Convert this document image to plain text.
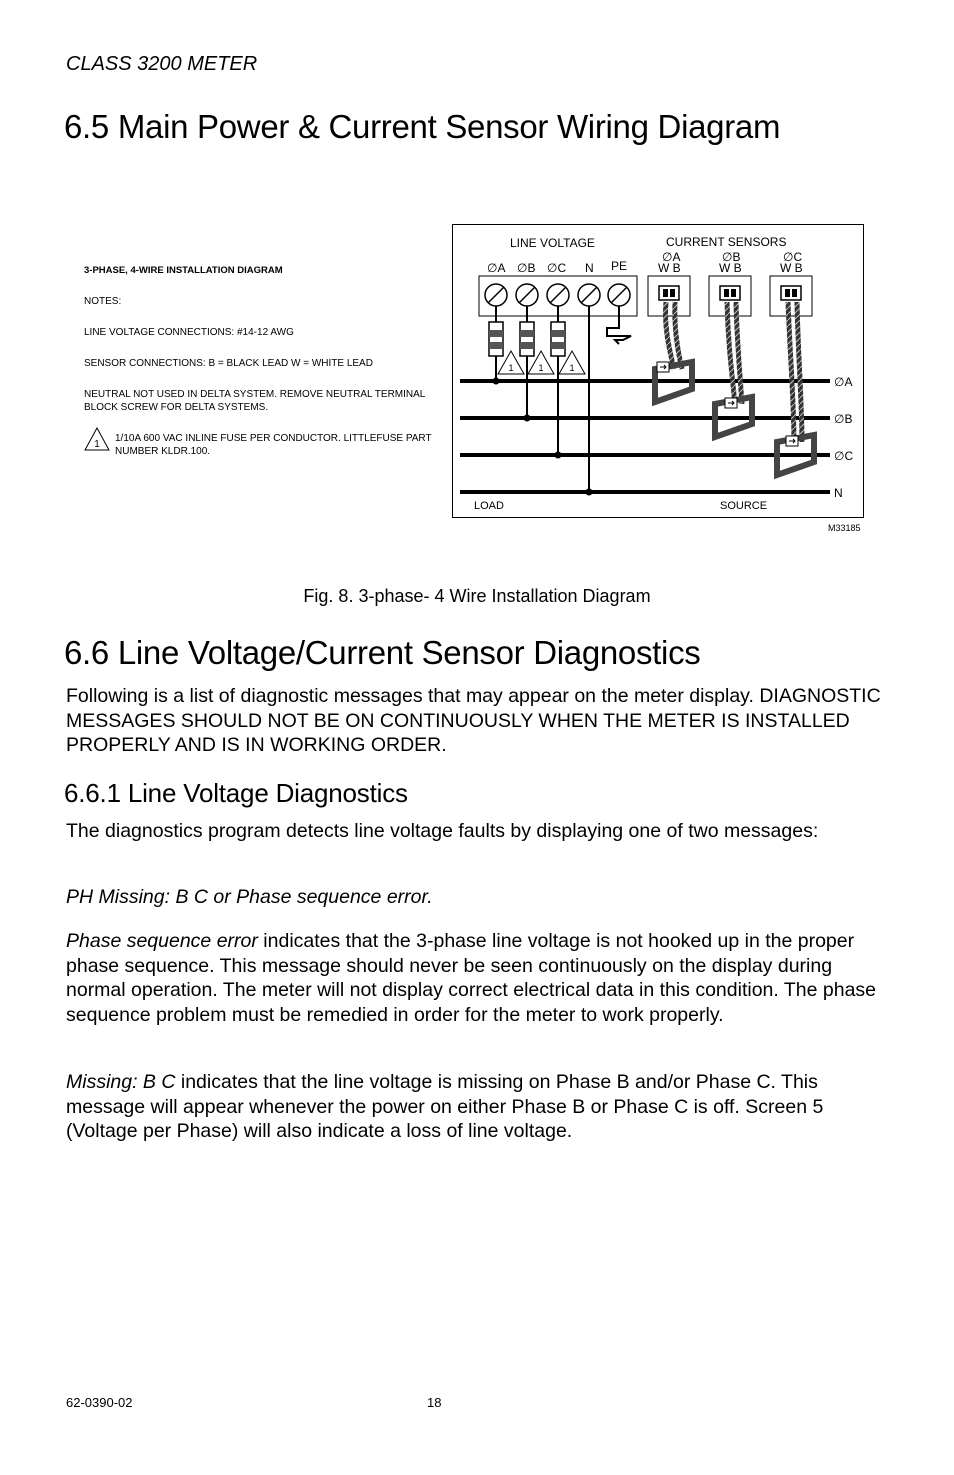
CLASS 3200 METER
6.5 Main Power & Current Sensor Wiring Diagram
3-PHASE, 4-WIRE INSTALLATION DIAGRAM
NOTES:
LINE VOLTAGE CONNECTIONS: #14-12 AWG
SENSOR CONNECTIONS: B = BLACK LEAD W = WHITE LEAD
NEUTRAL NOT USED IN DELTA SYSTEM. REMOVE NEUTRAL TERMINAL
BLOCK SCREW FOR DELTA SYSTEMS.
1/10A 600 VAC INLINE FUSE PER CONDUCTOR. LITTLEFUSE PART
NUMBER KLDR.100.
1
LINE VOLTAGE	CURRENT SENSORS
∅A ∅B ∅C N PE
∅A	∅B	∅C
W B	W B	W B
∅A
∅B
∅C
N
1	1	1
LOAD	SOURCE
M33185
Fig. 8. 3-phase- 4 Wire Installation Diagram
6.6 Line Voltage/Current Sensor Diagnostics

Following is a list of diagnostic messages that may appear on the meter display. DIAGNOSTIC MESSAGES SHOULD NOT BE ON CONTINUOUSLY WHEN THE METER IS INSTALLED PROPERLY AND IS IN WORKING ORDER.

6.6.1 Line Voltage Diagnostics

The diagnostics program detects line voltage faults by displaying one of two messages:

PH Missing: B C or Phase sequence error.

Phase sequence error indicates that the 3-phase line voltage is not hooked up in the proper phase sequence. This message should never be seen continuously on the display during normal operation. The meter will not display correct electrical data in this condition. The phase sequence problem must be remedied in order for the meter to work properly.

Missing: B C indicates that the line voltage is missing on Phase B and/or Phase C. This message will appear whenever the power on either Phase B or Phase C is off. Screen 5 (Voltage per Phase) will also indicate a loss of line voltage.

62-0390-02	18
